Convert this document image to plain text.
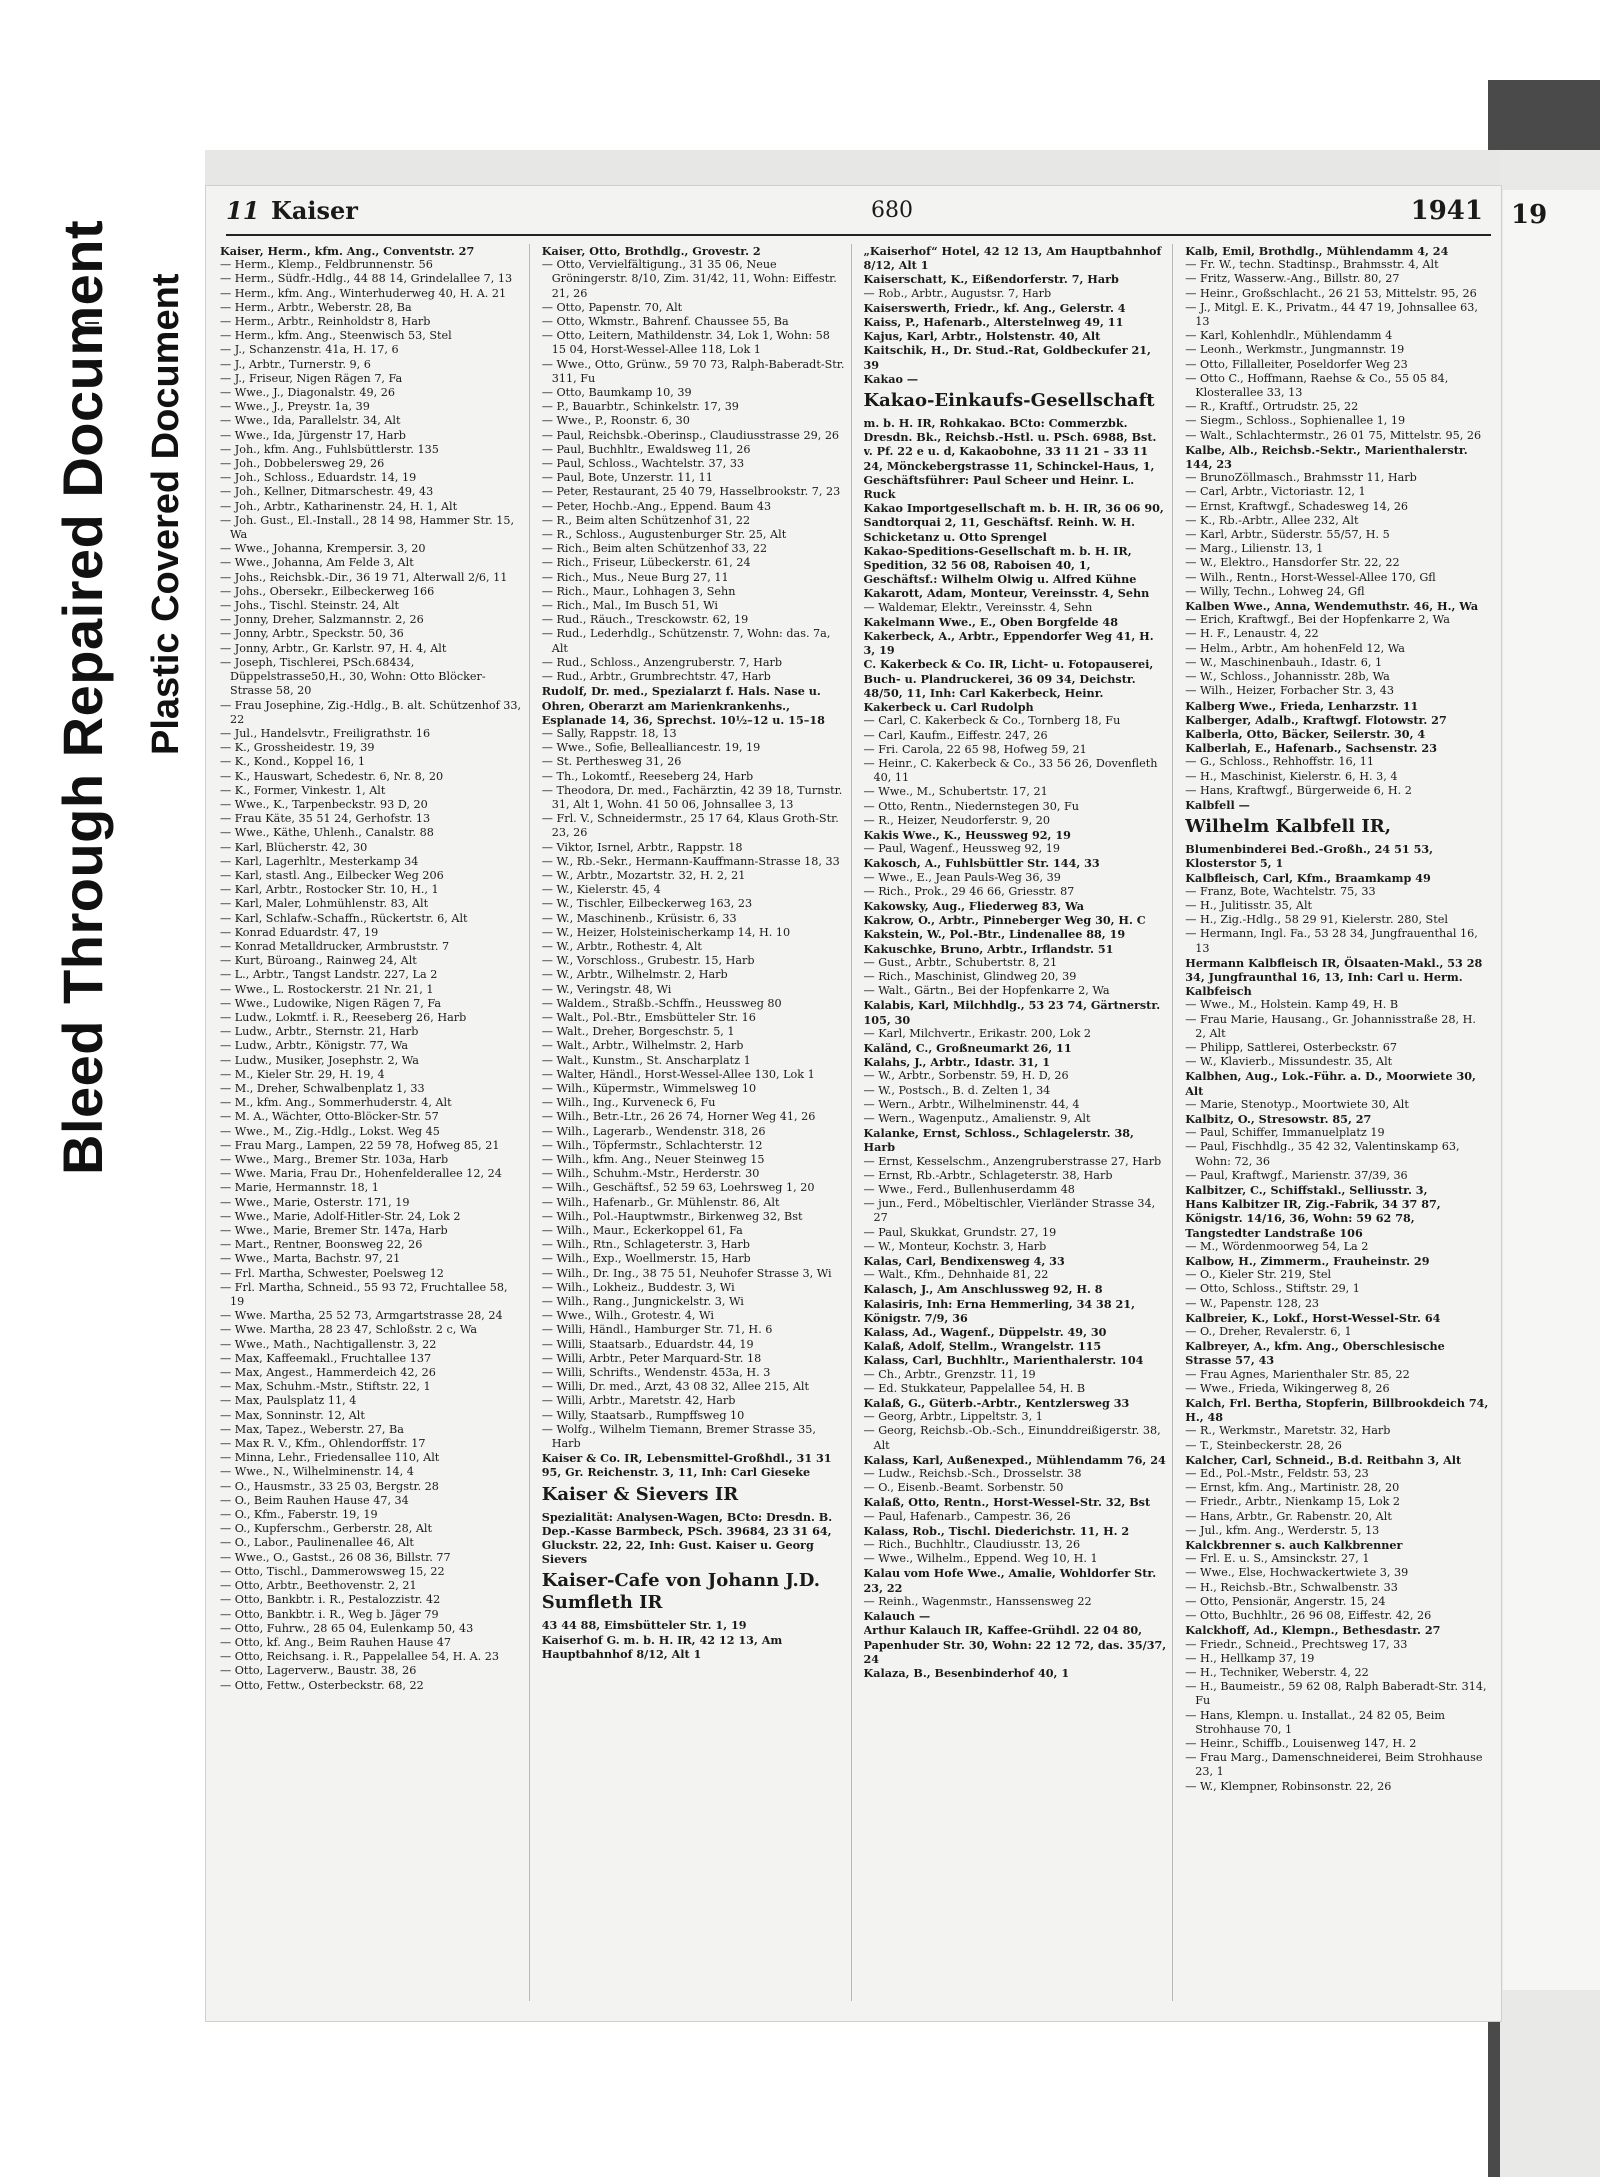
Bleed Through Repaired Document Plastic Covered Document
19
11 Kaiser	680	1941

Kaiser, Herm., kfm. Ang., Conventstr. 27

— Herm., Klemp., Feldbrunnenstr. 56

— Herm., Südfr.-Hdlg., 44 88 14, Grindelallee 7, 13

— Herm., kfm. Ang., Winterhuderweg 40, H. A. 21

— Herm., Arbtr., Weberstr. 28, Ba

— Herm., Arbtr., Reinholdstr 8, Harb

— Herm., kfm. Ang., Steenwisch 53, Stel

— J., Schanzenstr. 41a, H. 17, 6

— J., Arbtr., Turnerstr. 9, 6

— J., Friseur, Nigen Rägen 7, Fa

— Wwe., J., Diagonalstr. 49, 26

— Wwe., J., Preystr. 1a, 39

— Wwe., Ida, Parallelstr. 34, Alt

— Wwe., Ida, Jürgenstr 17, Harb

— Joh., kfm. Ang., Fuhlsbüttlerstr. 135

— Joh., Dobbelersweg 29, 26

— Joh., Schloss., Eduardstr. 14, 19

— Joh., Kellner, Ditmarschestr. 49, 43

— Joh., Arbtr., Katharinenstr. 24, H. 1, Alt

— Joh. Gust., El.-Install., 28 14 98, Hammer Str. 15, Wa

— Wwe., Johanna, Krempersir. 3, 20

— Wwe., Johanna, Am Felde 3, Alt

— Johs., Reichsbk.-Dir., 36 19 71, Alterwall 2/6, 11

— Johs., Obersekr., Eilbeckerweg 166

— Johs., Tischl. Steinstr. 24, Alt

— Jonny, Dreher, Salzmannstr. 2, 26

— Jonny, Arbtr., Speckstr. 50, 36

— Jonny, Arbtr., Gr. Karlstr. 97, H. 4, Alt

— Joseph, Tischlerei, PSch.68434, Düppelstrasse50,H., 30, Wohn: Otto Blöcker-Strasse 58, 20

— Frau Josephine, Zig.-Hdlg., B. alt. Schützenhof 33, 22

— Jul., Handelsvtr., Freiligrathstr. 16

— K., Grossheidestr. 19, 39

— K., Kond., Koppel 16, 1

— K., Hauswart, Schedestr. 6, Nr. 8, 20

— K., Former, Vinkestr. 1, Alt

— Wwe., K., Tarpenbeckstr. 93 D, 20

— Frau Käte, 35 51 24, Gerhofstr. 13

— Wwe., Käthe, Uhlenh., Canalstr. 88

— Karl, Blücherstr. 42, 30

— Karl, Lagerhltr., Mesterkamp 34

— Karl, stastl. Ang., Eilbecker Weg 206

— Karl, Arbtr., Rostocker Str. 10, H., 1

— Karl, Maler, Lohmühlenstr. 83, Alt

— Karl, Schlafw.-Schaffn., Rückertstr. 6, Alt

— Konrad Eduardstr. 47, 19

— Konrad Metalldrucker, Armbruststr. 7

— Kurt, Büroang., Rainweg 24, Alt

— L., Arbtr., Tangst Landstr. 227, La 2

— Wwe., L. Rostockerstr. 21 Nr. 21, 1

— Wwe., Ludowike, Nigen Rägen 7, Fa

— Ludw., Lokmtf. i. R., Reeseberg 26, Harb

— Ludw., Arbtr., Sternstr. 21, Harb

— Ludw., Arbtr., Königstr. 77, Wa

— Ludw., Musiker, Josephstr. 2, Wa

— M., Kieler Str. 29, H. 19, 4

— M., Dreher, Schwalbenplatz 1, 33

— M., kfm. Ang., Sommerhuderstr. 4, Alt

— M. A., Wächter, Otto-Blöcker-Str. 57

— Wwe., M., Zig.-Hdlg., Lokst. Weg 45

— Frau Marg., Lampen, 22 59 78, Hofweg 85, 21

— Wwe., Marg., Bremer Str. 103a, Harb

— Wwe. Maria, Frau Dr., Hohenfelderallee 12, 24

— Marie, Hermannstr. 18, 1

— Wwe., Marie, Osterstr. 171, 19

— Wwe., Marie, Adolf-Hitler-Str. 24, Lok 2

— Wwe., Marie, Bremer Str. 147a, Harb

— Mart., Rentner, Boonsweg 22, 26

— Wwe., Marta, Bachstr. 97, 21

— Frl. Martha, Schwester, Poelsweg 12

— Frl. Martha, Schneid., 55 93 72, Fruchtallee 58, 19

— Wwe. Martha, 25 52 73, Armgartstrasse 28, 24

— Wwe. Martha, 28 23 47, Schloßstr. 2 c, Wa

— Wwe., Math., Nachtigallenstr. 3, 22

— Max, Kaffeemakl., Fruchtallee 137

— Max, Angest., Hammerdeich 42, 26

— Max, Schuhm.-Mstr., Stiftstr. 22, 1

— Max, Paulsplatz 11, 4

— Max, Sonninstr. 12, Alt

— Max, Tapez., Weberstr. 27, Ba

— Max R. V., Kfm., Ohlendorffstr. 17

— Minna, Lehr., Friedensallee 110, Alt

— Wwe., N., Wilhelminenstr. 14, 4

— O., Hausmstr., 33 25 03, Bergstr. 28

— O., Beim Rauhen Hause 47, 34

— O., Kfm., Faberstr. 19, 19

— O., Kupferschm., Gerberstr. 28, Alt

— O., Labor., Paulinenallee 46, Alt

— Wwe., O., Gastst., 26 08 36, Billstr. 77

— Otto, Tischl., Dammerowsweg 15, 22

— Otto, Arbtr., Beethovenstr. 2, 21

— Otto, Bankbtr. i. R., Pestalozzistr. 42

— Otto, Bankbtr. i. R., Weg b. Jäger 79

— Otto, Fuhrw., 28 65 04, Eulenkamp 50, 43

— Otto, kf. Ang., Beim Rauhen Hause 47

— Otto, Reichsang. i. R., Pappelallee 54, H. A. 23

— Otto, Lagerverw., Baustr. 38, 26

— Otto, Fettw., Osterbeckstr. 68, 22

Kaiser, Otto, Brothdlg., Grovestr. 2

— Otto, Vervielfältigung., 31 35 06, Neue Gröningerstr. 8/10, Zim. 31/42, 11, Wohn: Eiffestr. 21, 26

— Otto, Papenstr. 70, Alt

— Otto, Wkmstr., Bahrenf. Chaussee 55, Ba

— Otto, Leitern, Mathildenstr. 34, Lok 1, Wohn: 58 15 04, Horst-Wessel-Allee 118, Lok 1

— Wwe., Otto, Grünw., 59 70 73, Ralph-Baberadt-Str. 311, Fu

— Otto, Baumkamp 10, 39

— P., Bauarbtr., Schinkelstr. 17, 39

— Wwe., P., Roonstr. 6, 30

— Paul, Reichsbk.-Oberinsp., Claudiusstrasse 29, 26

— Paul, Buchhltr., Ewaldsweg 11, 26

— Paul, Schloss., Wachtelstr. 37, 33

— Paul, Bote, Unzerstr. 11, 11

— Peter, Restaurant, 25 40 79, Hasselbrookstr. 7, 23

— Peter, Hochb.-Ang., Eppend. Baum 43

— R., Beim alten Schützenhof 31, 22

— R., Schloss., Augustenburger Str. 25, Alt

— Rich., Beim alten Schützenhof 33, 22

— Rich., Friseur, Lübeckerstr. 61, 24

— Rich., Mus., Neue Burg 27, 11

— Rich., Maur., Lohhagen 3, Sehn

— Rich., Mal., Im Busch 51, Wi

— Rud., Räuch., Tresckowstr. 62, 19

— Rud., Lederhdlg., Schützenstr. 7, Wohn: das. 7a, Alt

— Rud., Schloss., Anzengruberstr. 7, Harb

— Rud., Arbtr., Grumbrechtstr. 47, Harb

Rudolf, Dr. med., Spezialarzt f. Hals. Nase u. Ohren, Oberarzt am Marienkrankenhs., Esplanade 14, 36, Sprechst. 10½–12 u. 15–18

— Sally, Rappstr. 18, 13

— Wwe., Sofie, Bellealliancestr. 19, 19

— St. Perthesweg 31, 26

— Th., Lokomtf., Reeseberg 24, Harb

— Theodora, Dr. med., Fachärztin, 42 39 18, Turnstr. 31, Alt 1, Wohn. 41 50 06, Johnsallee 3, 13

— Frl. V., Schneidermstr., 25 17 64, Klaus Groth-Str. 23, 26

— Viktor, Isrnel, Arbtr., Rappstr. 18

— W., Rb.-Sekr., Hermann-Kauffmann-Strasse 18, 33

— W., Arbtr., Mozartstr. 32, H. 2, 21

— W., Kielerstr. 45, 4

— W., Tischler, Eilbeckerweg 163, 23

— W., Maschinenb., Krüsistr. 6, 33

— W., Heizer, Holsteinischerkamp 14, H. 10

— W., Arbtr., Rothestr. 4, Alt

— W., Vorschloss., Grubestr. 15, Harb

— W., Arbtr., Wilhelmstr. 2, Harb

— W., Veringstr. 48, Wi

— Waldem., Straßb.-Schffn., Heussweg 80

— Walt., Pol.-Btr., Emsbütteler Str. 16

— Walt., Dreher, Borgeschstr. 5, 1

— Walt., Arbtr., Wilhelmstr. 2, Harb

— Walt., Kunstm., St. Anscharplatz 1

— Walter, Händl., Horst-Wessel-Allee 130, Lok 1

— Wilh., Küpermstr., Wimmelsweg 10

— Wilh., Ing., Kurveneck 6, Fu

— Wilh., Betr.-Ltr., 26 26 74, Horner Weg 41, 26

— Wilh., Lagerarb., Wendenstr. 318, 26

— Wilh., Töpfermstr., Schlachterstr. 12

— Wilh., kfm. Ang., Neuer Steinweg 15

— Wilh., Schuhm.-Mstr., Herderstr. 30

— Wilh., Geschäftsf., 52 59 63, Loehrsweg 1, 20

— Wilh., Hafenarb., Gr. Mühlenstr. 86, Alt

— Wilh., Pol.-Hauptwmstr., Birkenweg 32, Bst

— Wilh., Maur., Eckerkoppel 61, Fa

— Wilh., Rtn., Schlageterstr. 3, Harb

— Wilh., Exp., Woellmerstr. 15, Harb

— Wilh., Dr. Ing., 38 75 51, Neuhofer Strasse 3, Wi

— Wilh., Lokheiz., Buddestr. 3, Wi

— Wilh., Rang., Jungnickelstr. 3, Wi

— Wwe., Wilh., Grotestr. 4, Wi

— Willi, Händl., Hamburger Str. 71, H. 6

— Willi, Staatsarb., Eduardstr. 44, 19

— Willi, Arbtr., Peter Marquard-Str. 18

— Willi, Schrifts., Wendenstr. 453a, H. 3

— Willi, Dr. med., Arzt, 43 08 32, Allee 215, Alt

— Willi, Arbtr., Maretstr. 42, Harb

— Willy, Staatsarb., Rumpffsweg 10

— Wolfg., Wilhelm Tiemann, Bremer Strasse 35, Harb

Kaiser & Co. IR, Lebensmittel-Großhdl., 31 31 95, Gr. Reichenstr. 3, 11, Inh: Carl Gieseke

Kaiser & Sievers IR

Spezialität: Analysen-Wagen, BCto: Dresdn. B. Dep.-Kasse Barmbeck, PSch. 39684, 23 31 64, Gluckstr. 22, 22, Inh: Gust. Kaiser u. Georg Sievers

Kaiser-Cafe von Johann J.D. Sumfleth IR

43 44 88, Eimsbütteler Str. 1, 19

Kaiserhof G. m. b. H. IR, 42 12 13, Am Hauptbahnhof 8/12, Alt 1

„Kaiserhof“ Hotel, 42 12 13, Am Hauptbahnhof 8/12, Alt 1

Kaiserschatt, K., Eißendorferstr. 7, Harb

— Rob., Arbtr., Augustsr. 7, Harb

Kaiserswerth, Friedr., kf. Ang., Gelerstr. 4

Kaiss, P., Hafenarb., Alterstelnweg 49, 11

Kajus, Karl, Arbtr., Holstenstr. 40, Alt

Kaitschik, H., Dr. Stud.-Rat, Goldbeckufer 21, 39

Kakao —

Kakao-Einkaufs-Gesellschaft

m. b. H. IR, Rohkakao. BCto: Commerzbk. Dresdn. Bk., Reichsb.-Hstl. u. PSch. 6988, Bst. v. Pf. 22 e u. d, Kakaobohne, 33 11 21 – 33 11 24, Mönckebergstrasse 11, Schinckel-Haus, 1, Geschäftsführer: Paul Scheer und Heinr. L. Ruck

Kakao Importgesellschaft m. b. H. IR, 36 06 90, Sandtorquai 2, 11, Geschäftsf. Reinh. W. H. Schicketanz u. Otto Sprengel

Kakao-Speditions-Gesellschaft m. b. H. IR, Spedition, 32 56 08, Raboisen 40, 1, Geschäftsf.: Wilhelm Olwig u. Alfred Kühne

Kakarott, Adam, Monteur, Vereinsstr. 4, Sehn

— Waldemar, Elektr., Vereinsstr. 4, Sehn

Kakelmann Wwe., E., Oben Borgfelde 48

Kakerbeck, A., Arbtr., Eppendorfer Weg 41, H. 3, 19

C. Kakerbeck & Co. IR, Licht- u. Fotopauserei, Buch- u. Plandruckerei, 36 09 34, Deichstr. 48/50, 11, Inh: Carl Kakerbeck, Heinr. Kakerbeck u. Carl Rudolph

— Carl, C. Kakerbeck & Co., Tornberg 18, Fu

— Carl, Kaufm., Eiffestr. 247, 26

— Fri. Carola, 22 65 98, Hofweg 59, 21

— Heinr., C. Kakerbeck & Co., 33 56 26, Dovenfleth 40, 11

— Wwe., M., Schubertstr. 17, 21

— Otto, Rentn., Niedernstegen 30, Fu

— R., Heizer, Neudorferstr. 9, 20

Kakis Wwe., K., Heussweg 92, 19

— Paul, Wagenf., Heussweg 92, 19

Kakosch, A., Fuhlsbüttler Str. 144, 33

— Wwe., E., Jean Pauls-Weg 36, 39

— Rich., Prok., 29 46 66, Griesstr. 87

Kakowsky, Aug., Fliederweg 83, Wa

Kakrow, O., Arbtr., Pinneberger Weg 30, H. C

Kakstein, W., Pol.-Btr., Lindenallee 88, 19

Kakuschke, Bruno, Arbtr., Irflandstr. 51

— Gust., Arbtr., Schubertstr. 8, 21

— Rich., Maschinist, Glindweg 20, 39

— Walt., Gärtn., Bei der Hopfenkarre 2, Wa

Kalabis, Karl, Milchhdlg., 53 23 74, Gärtnerstr. 105, 30

— Karl, Milchvertr., Erikastr. 200, Lok 2

Kaländ, C., Großneumarkt 26, 11

Kalahs, J., Arbtr., Idastr. 31, 1

— W., Arbtr., Sorbenstr. 59, H. D, 26

— W., Postsch., B. d. Zelten 1, 34

— Wern., Arbtr., Wilhelminenstr. 44, 4

— Wern., Wagenputz., Amalienstr. 9, Alt

Kalanke, Ernst, Schloss., Schlagelerstr. 38, Harb

— Ernst, Kesselschm., Anzengruberstrasse 27, Harb

— Ernst, Rb.-Arbtr., Schlageterstr. 38, Harb

— Wwe., Ferd., Bullenhuserdamm 48

— jun., Ferd., Möbeltischler, Vierländer Strasse 34, 27

— Paul, Skukkat, Grundstr. 27, 19

— W., Monteur, Kochstr. 3, Harb

Kalas, Carl, Bendixensweg 4, 33

— Walt., Kfm., Dehnhaide 81, 22

Kalasch, J., Am Anschlussweg 92, H. 8

Kalasiris, Inh: Erna Hemmerling, 34 38 21, Königstr. 7/9, 36

Kalass, Ad., Wagenf., Düppelstr. 49, 30

Kalaß, Adolf, Stellm., Wrangelstr. 115

Kalass, Carl, Buchhltr., Marienthalerstr. 104

— Ch., Arbtr., Grenzstr. 11, 19

— Ed. Stukkateur, Pappelallee 54, H. B

Kalaß, G., Güterb.-Arbtr., Kentzlersweg 33

— Georg, Arbtr., Lippeltstr. 3, 1

— Georg, Reichsb.-Ob.-Sch., Einunddreißigerstr. 38, Alt

Kalass, Karl, Außenexped., Mühlendamm 76, 24

— Ludw., Reichsb.-Sch., Drosselstr. 38

— O., Eisenb.-Beamt. Sorbenstr. 50

Kalaß, Otto, Rentn., Horst-Wessel-Str. 32, Bst

— Paul, Hafenarb., Campestr. 36, 26

Kalass, Rob., Tischl. Diederichstr. 11, H. 2

— Rich., Buchhltr., Claudiusstr. 13, 26

— Wwe., Wilhelm., Eppend. Weg 10, H. 1

Kalau vom Hofe Wwe., Amalie, Wohldorfer Str. 23, 22

— Reinh., Wagenmstr., Hanssensweg 22

Kalauch —

Arthur Kalauch IR, Kaffee-Grühdl. 22 04 80, Papenhuder Str. 30, Wohn: 22 12 72, das. 35/37, 24

Kalaza, B., Besenbinderhof 40, 1

Kalb, Emil, Brothdlg., Mühlendamm 4, 24

— Fr. W., techn. Stadtinsp., Brahmsstr. 4, Alt

— Fritz, Wasserw.-Ang., Billstr. 80, 27

— Heinr., Großschlacht., 26 21 53, Mittelstr. 95, 26

— J., Mitgl. E. K., Privatm., 44 47 19, Johnsallee 63, 13

— Karl, Kohlenhdlr., Mühlendamm 4

— Leonh., Werkmstr., Jungmannstr. 19

— Otto, Fillalleiter, Poseldorfer Weg 23

— Otto C., Hoffmann, Raehse & Co., 55 05 84, Klosterallee 33, 13

— R., Kraftf., Ortrudstr. 25, 22

— Siegm., Schloss., Sophienallee 1, 19

— Walt., Schlachtermstr., 26 01 75, Mittelstr. 95, 26

Kalbe, Alb., Reichsb.-Sektr., Marienthalerstr. 144, 23

— BrunoZöllmasch., Brahmsstr 11, Harb

— Carl, Arbtr., Victoriastr. 12, 1

— Ernst, Kraftwgf., Schadesweg 14, 26

— K., Rb.-Arbtr., Allee 232, Alt

— Karl, Arbtr., Süderstr. 55/57, H. 5

— Marg., Lilienstr. 13, 1

— W., Elektro., Hansdorfer Str. 22, 22

— Wilh., Rentn., Horst-Wessel-Allee 170, Gfl

— Willy, Techn., Lohweg 24, Gfl

Kalben Wwe., Anna, Wendemuthstr. 46, H., Wa

— Erich, Kraftwgf., Bei der Hopfenkarre 2, Wa

— H. F., Lenaustr. 4, 22

— Helm., Arbtr., Am hohenFeld 12, Wa

— W., Maschinenbauh., Idastr. 6, 1

— W., Schloss., Johannisstr. 28b, Wa

— Wilh., Heizer, Forbacher Str. 3, 43

Kalberg Wwe., Frieda, Lenharzstr. 11

Kalberger, Adalb., Kraftwgf. Flotowstr. 27

Kalberla, Otto, Bäcker, Seilerstr. 30, 4

Kalberlah, E., Hafenarb., Sachsenstr. 23

— G., Schloss., Rehhoffstr. 16, 11

— H., Maschinist, Kielerstr. 6, H. 3, 4

— Hans, Kraftwgf., Bürgerweide 6, H. 2

Kalbfell —

Wilhelm Kalbfell IR,

Blumenbinderei Bed.-Großh., 24 51 53, Klosterstor 5, 1

Kalbfleisch, Carl, Kfm., Braamkamp 49

— Franz, Bote, Wachtelstr. 75, 33

— H., Julitisstr. 35, Alt

— H., Zig.-Hdlg., 58 29 91, Kielerstr. 280, Stel

— Hermann, Ingl. Fa., 53 28 34, Jungfrauenthal 16, 13

Hermann Kalbfleisch IR, Ölsaaten-Makl., 53 28 34, Jungfraunthal 16, 13, Inh: Carl u. Herm. Kalbfeisch

— Wwe., M., Holstein. Kamp 49, H. B

— Frau Marie, Hausang., Gr. Johannisstraße 28, H. 2, Alt

— Philipp, Sattlerei, Osterbeckstr. 67

— W., Klavierb., Missundestr. 35, Alt

Kalbhen, Aug., Lok.-Führ. a. D., Moorwiete 30, Alt

— Marie, Stenotyp., Moortwiete 30, Alt

Kalbitz, O., Stresowstr. 85, 27

— Paul, Schiffer, Immanuelplatz 19

— Paul, Fischhdlg., 35 42 32, Valentinskamp 63, Wohn: 72, 36

— Paul, Kraftwgf., Marienstr. 37/39, 36

Kalbitzer, C., Schiffstakl., Selliusstr. 3,

Hans Kalbitzer IR, Zig.-Fabrik, 34 37 87, Königstr. 14/16, 36, Wohn: 59 62 78, Tangstedter Landstraße 106

— M., Wördenmoorweg 54, La 2

Kalbow, H., Zimmerm., Frauheinstr. 29

— O., Kieler Str. 219, Stel

— Otto, Schloss., Stiftstr. 29, 1

— W., Papenstr. 128, 23

Kalbreier, K., Lokf., Horst-Wessel-Str. 64

— O., Dreher, Revalerstr. 6, 1

Kalbreyer, A., kfm. Ang., Oberschlesische Strasse 57, 43

— Frau Agnes, Marienthaler Str. 85, 22

— Wwe., Frieda, Wikingerweg 8, 26

Kalch, Frl. Bertha, Stopferin, Billbrookdeich 74, H., 48

— R., Werkmstr., Maretstr. 32, Harb

— T., Steinbeckerstr. 28, 26

Kalcher, Carl, Schneid., B.d. Reitbahn 3, Alt

— Ed., Pol.-Mstr., Feldstr. 53, 23

— Ernst, kfm. Ang., Martinistr. 28, 20

— Friedr., Arbtr., Nienkamp 15, Lok 2

— Hans, Arbtr., Gr. Rabenstr. 20, Alt

— Jul., kfm. Ang., Werderstr. 5, 13

Kalckbrenner s. auch Kalkbrenner

— Frl. E. u. S., Amsinckstr. 27, 1

— Wwe., Else, Hochwackertwiete 3, 39

— H., Reichsb.-Btr., Schwalbenstr. 33

— Otto, Pensionär, Angerstr. 15, 24

— Otto, Buchhltr., 26 96 08, Eiffestr. 42, 26

Kalckhoff, Ad., Klempn., Bethesdastr. 27

— Friedr., Schneid., Prechtsweg 17, 33

— H., Hellkamp 37, 19

— H., Techniker, Weberstr. 4, 22

— H., Baumeistr., 59 62 08, Ralph Baberadt-Str. 314, Fu

— Hans, Klempn. u. Installat., 24 82 05, Beim Strohhause 70, 1

— Heinr., Schiffb., Louisenweg 147, H. 2

— Frau Marg., Damenschneiderei, Beim Strohhause 23, 1

— W., Klempner, Robinsonstr. 22, 26
